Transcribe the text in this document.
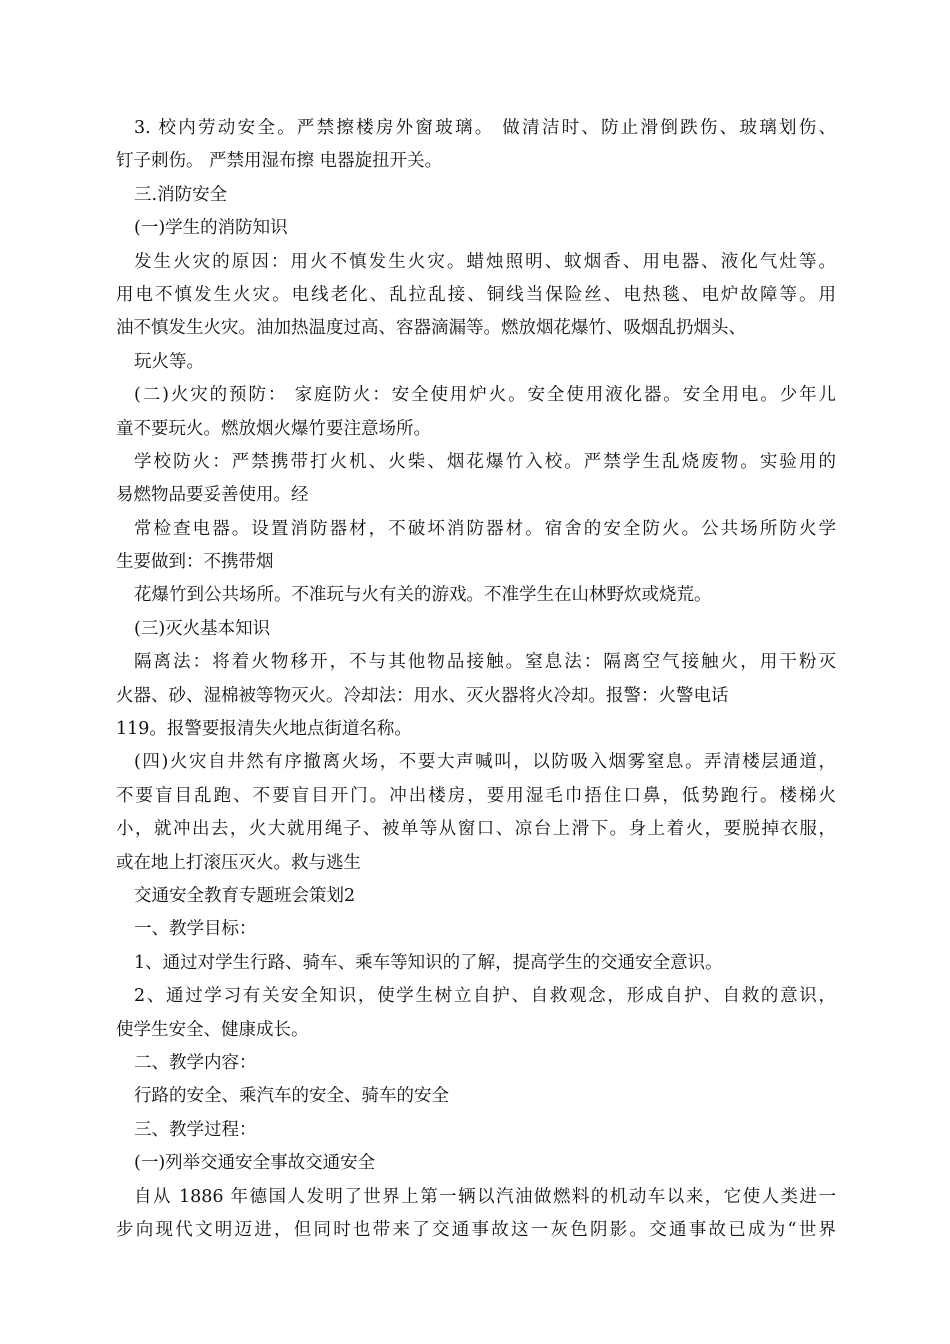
3. 校内劳动安全。严禁擦楼房外窗玻璃。 做清洁时、防止滑倒跌伤、玻璃划伤、
钉子刺伤。 严禁用湿布擦 电器旋扭开关。
三.消防安全
(一)学生的消防知识
发生火灾的原因：用火不慎发生火灾。蜡烛照明、蚊烟香、用电器、液化气灶等。
用电不慎发生火灾。电线老化、乱拉乱接、铜线当保险丝、电热毯、电炉故障等。用
油不慎发生火灾。油加热温度过高、容器滴漏等。燃放烟花爆竹、吸烟乱扔烟头、
玩火等。
(二)火灾的预防： 家庭防火：安全使用炉火。安全使用液化器。安全用电。少年儿
童不要玩火。燃放烟火爆竹要注意场所。
学校防火：严禁携带打火机、火柴、烟花爆竹入校。严禁学生乱烧废物。实验用的
易燃物品要妥善使用。经
常检查电器。设置消防器材，不破坏消防器材。宿舍的安全防火。公共场所防火学
生要做到：不携带烟
花爆竹到公共场所。不准玩与火有关的游戏。不准学生在山林野炊或烧荒。
(三)灭火基本知识
隔离法：将着火物移开，不与其他物品接触。窒息法：隔离空气接触火，用干粉灭
火器、砂、湿棉被等物灭火。冷却法：用水、灭火器将火冷却。报警：火警电话
119。报警要报清失火地点街道名称。
(四)火灾自井然有序撤离火场，不要大声喊叫，以防吸入烟雾窒息。弄清楼层通道，
不要盲目乱跑、不要盲目开门。冲出楼房，要用湿毛巾捂住口鼻，低势跑行。楼梯火
小，就冲出去，火大就用绳子、被单等从窗口、凉台上滑下。身上着火，要脱掉衣服，
或在地上打滚压灭火。救与逃生
交通安全教育专题班会策划2
一、教学目标：
1、通过对学生行路、骑车、乘车等知识的了解，提高学生的交通安全意识。
2、通过学习有关安全知识，使学生树立自护、自救观念，形成自护、自救的意识，
使学生安全、健康成长。
二、教学内容：
行路的安全、乘汽车的安全、骑车的安全
三、教学过程：
(一)列举交通安全事故交通安全
自从 1886 年德国人发明了世界上第一辆以汽油做燃料的机动车以来，它使人类进一
步向现代文明迈进，但同时也带来了交通事故这一灰色阴影。交通事故已成为“世界
